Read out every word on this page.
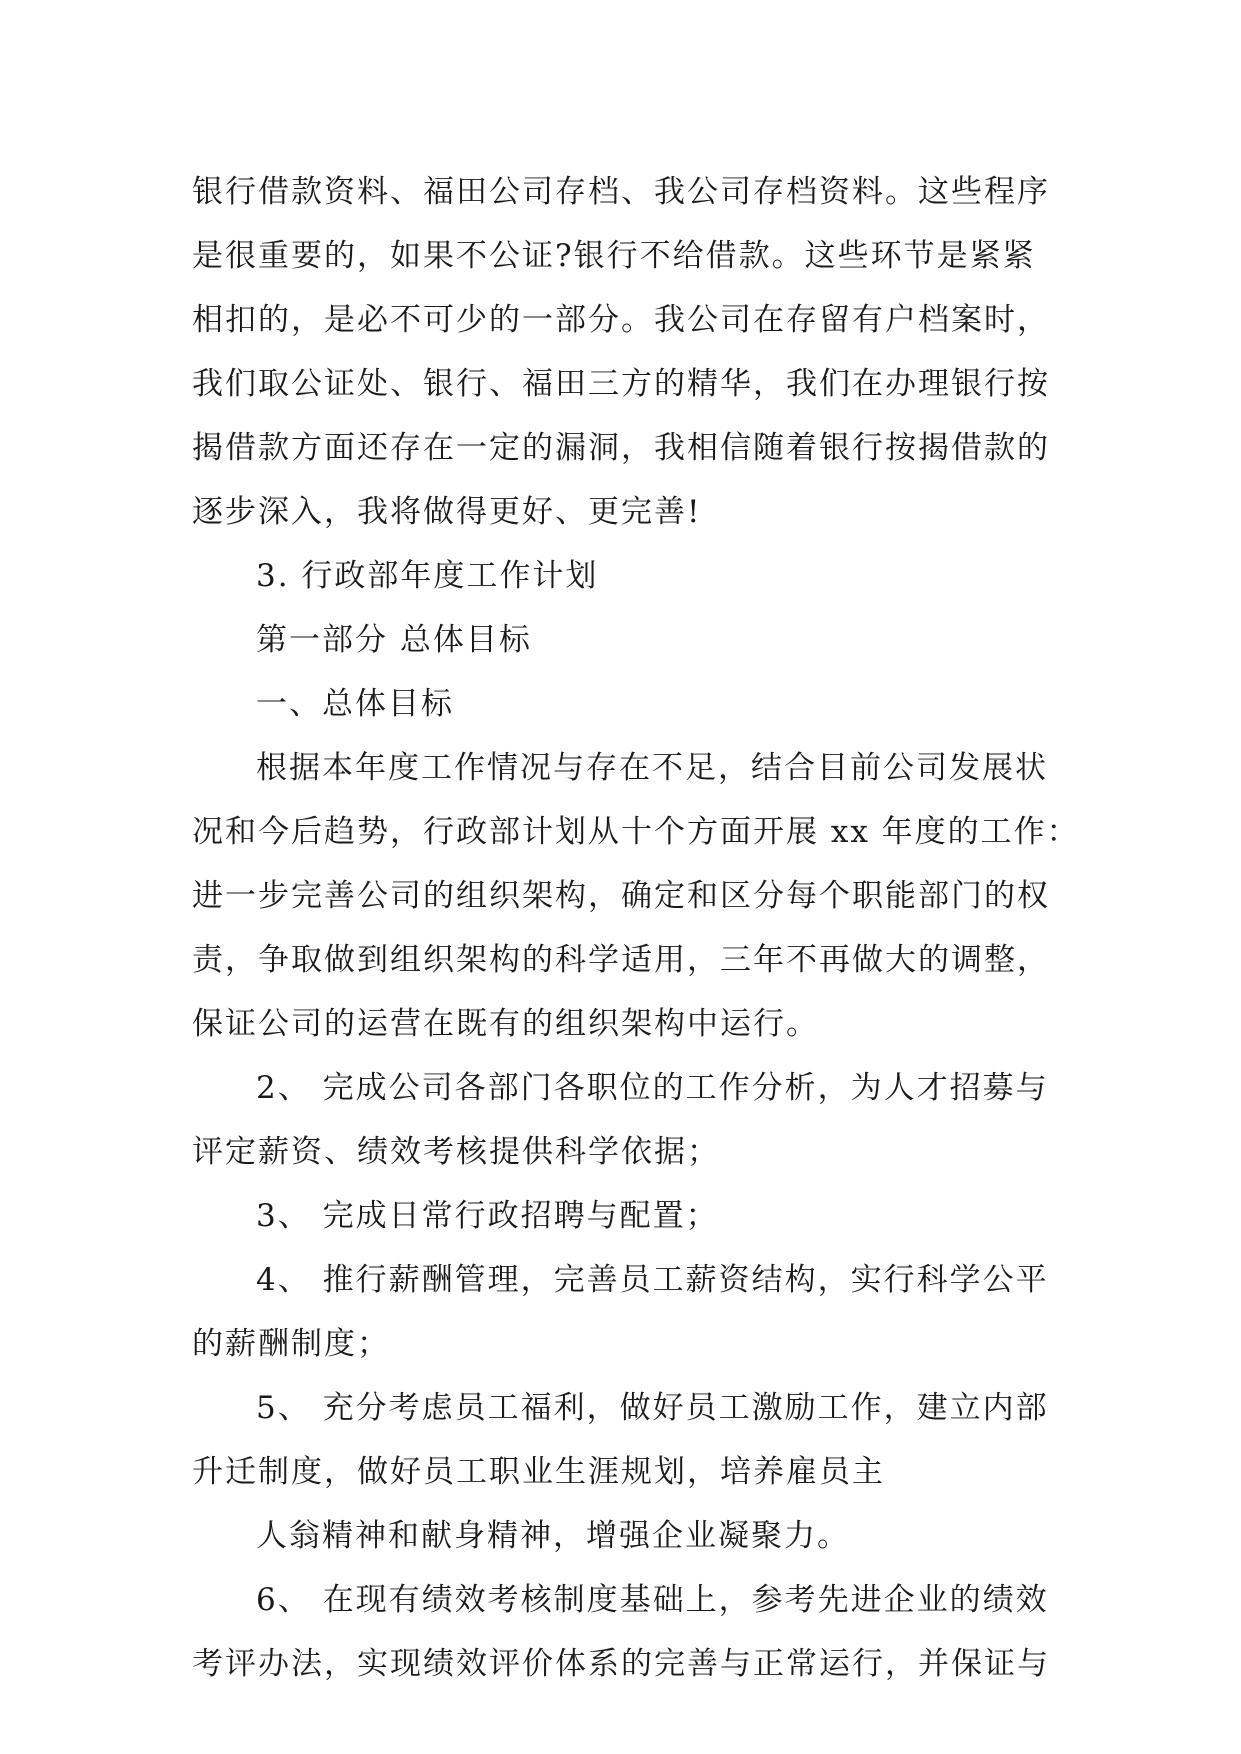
银行借款资料、福田公司存档、我公司存档资料。这些程序
是很重要的，如果不公证?银行不给借款。这些环节是紧紧
相扣的，是必不可少的一部分。我公司在存留有户档案时，
我们取公证处、银行、福田三方的精华，我们在办理银行按
揭借款方面还存在一定的漏洞，我相信随着银行按揭借款的
逐步深入，我将做得更好、更完善!
3. 行政部年度工作计划
第一部分 总体目标
一、总体目标
根据本年度工作情况与存在不足，结合目前公司发展状
况和今后趋势，行政部计划从十个方面开展 xx 年度的工作：
进一步完善公司的组织架构，确定和区分每个职能部门的权
责，争取做到组织架构的科学适用，三年不再做大的调整，
保证公司的运营在既有的组织架构中运行。
2、 完成公司各部门各职位的工作分析，为人才招募与
评定薪资、绩效考核提供科学依据；
3、 完成日常行政招聘与配置；
4、 推行薪酬管理，完善员工薪资结构，实行科学公平
的薪酬制度；
5、 充分考虑员工福利，做好员工激励工作，建立内部
升迁制度，做好员工职业生涯规划，培养雇员主
人翁精神和献身精神，增强企业凝聚力。
6、 在现有绩效考核制度基础上，参考先进企业的绩效
考评办法，实现绩效评价体系的完善与正常运行，并保证与
